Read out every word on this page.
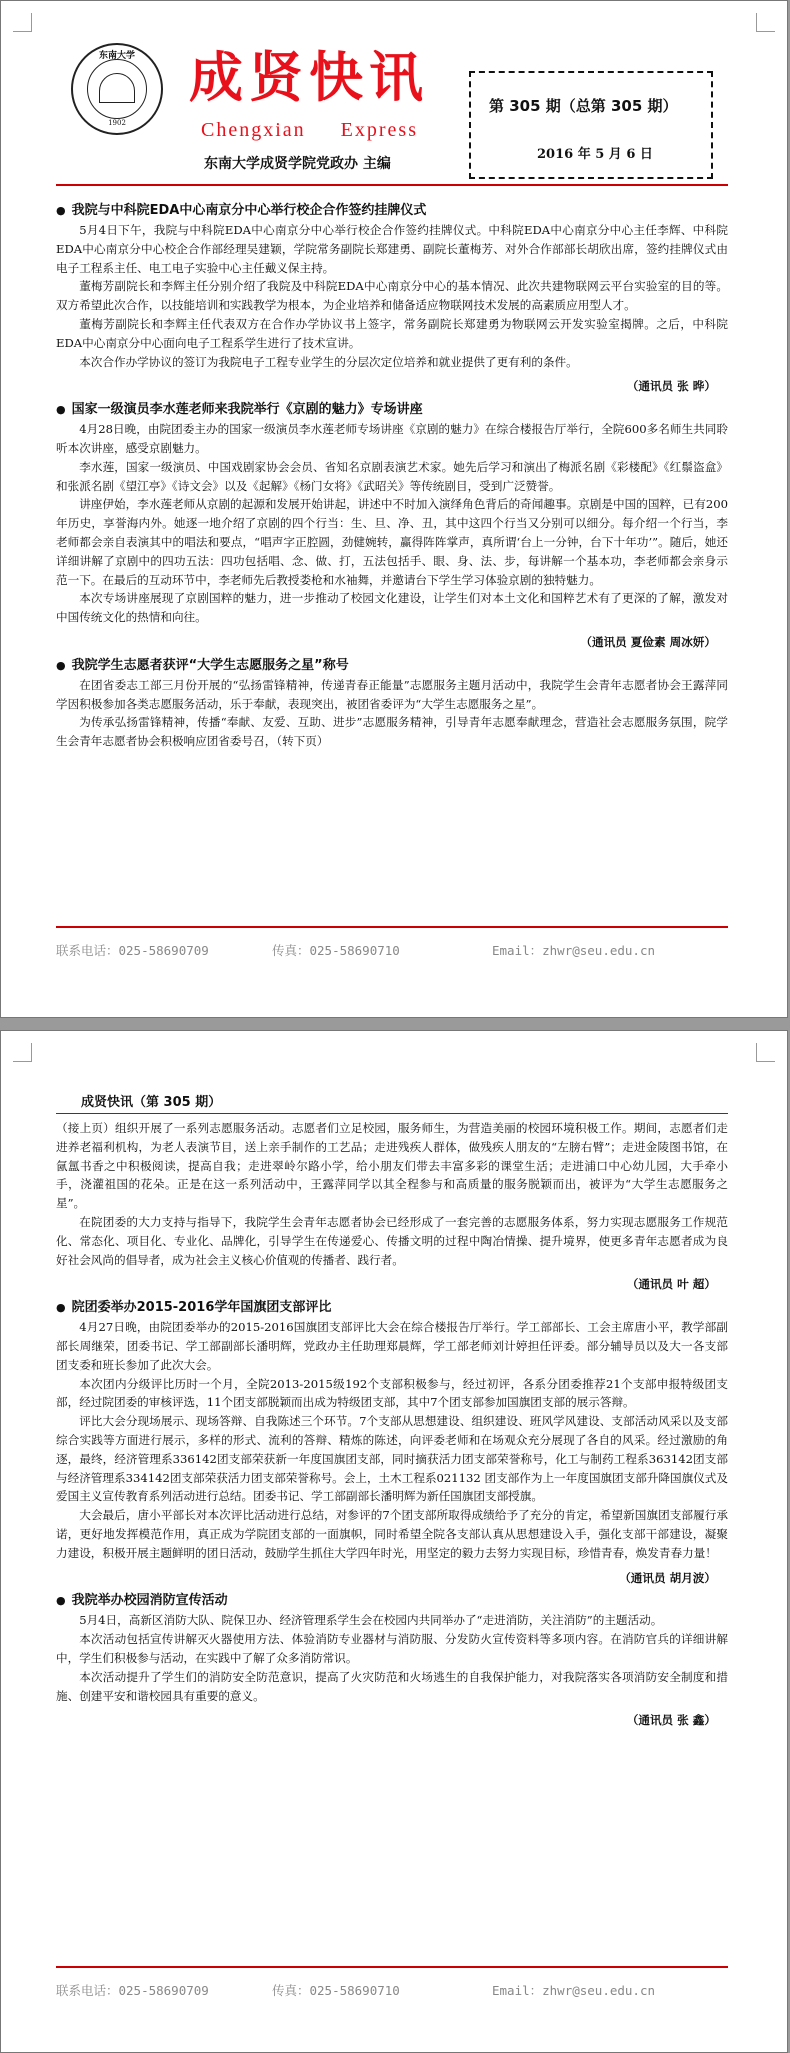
东南大学
1902
成贤快讯
Chengxian Express
东南大学成贤学院党政办 主编
第 305 期（总第 305 期）
2016 年 5 月 6 日
● 我院与中科院EDA中心南京分中心举行校企合作签约挂牌仪式

5月4日下午，我院与中科院EDA中心南京分中心举行校企合作签约挂牌仪式。中科院EDA中心南京分中心主任李辉、中科院EDA中心南京分中心校企合作部经理吴建颖，学院常务副院长郑建勇、副院长董梅芳、对外合作部部长胡欣出席，签约挂牌仪式由电子工程系主任、电工电子实验中心主任戴义保主持。

董梅芳副院长和李辉主任分别介绍了我院及中科院EDA中心南京分中心的基本情况、此次共建物联网云平台实验室的目的等。双方希望此次合作，以技能培训和实践教学为根本，为企业培养和储备适应物联网技术发展的高素质应用型人才。

董梅芳副院长和李辉主任代表双方在合作办学协议书上签字，常务副院长郑建勇为物联网云开发实验室揭牌。之后，中科院EDA中心南京分中心面向电子工程系学生进行了技术宣讲。

本次合作办学协议的签订为我院电子工程专业学生的分层次定位培养和就业提供了更有利的条件。

（通讯员 张 晔）
● 国家一级演员李水莲老师来我院举行《京剧的魅力》专场讲座

4月28日晚，由院团委主办的国家一级演员李水莲老师专场讲座《京剧的魅力》在综合楼报告厅举行，全院600多名师生共同聆听本次讲座，感受京剧魅力。

李水莲，国家一级演员、中国戏剧家协会会员、省知名京剧表演艺术家。她先后学习和演出了梅派名剧《彩楼配》《红鬃盗盒》和张派名剧《望江亭》《诗文会》以及《起解》《杨门女将》《武昭关》等传统剧目，受到广泛赞誉。

讲座伊始，李水莲老师从京剧的起源和发展开始讲起，讲述中不时加入演绎角色背后的奇闻趣事。京剧是中国的国粹，已有200年历史，享誉海内外。她逐一地介绍了京剧的四个行当：生、旦、净、丑，其中这四个行当又分别可以细分。每介绍一个行当，李老师都会亲自表演其中的唱法和要点，“唱声字正腔圆，劲健婉转，赢得阵阵掌声，真所谓‘台上一分钟，台下十年功’”。随后，她还详细讲解了京剧中的四功五法：四功包括唱、念、做、打，五法包括手、眼、身、法、步，每讲解一个基本功，李老师都会亲身示范一下。在最后的互动环节中，李老师先后教授娄枪和水袖舞，并邀请台下学生学习体验京剧的独特魅力。

本次专场讲座展现了京剧国粹的魅力，进一步推动了校园文化建设，让学生们对本土文化和国粹艺术有了更深的了解，激发对中国传统文化的热情和向往。

（通讯员 夏俭素 周冰妍）
● 我院学生志愿者获评“大学生志愿服务之星”称号

在团省委志工部三月份开展的“弘扬雷锋精神，传递青春正能量”志愿服务主题月活动中，我院学生会青年志愿者协会王露萍同学因积极参加各类志愿服务活动，乐于奉献，表现突出，被团省委评为“大学生志愿服务之星”。

为传承弘扬雷锋精神，传播“奉献、友爱、互助、进步”志愿服务精神，引导青年志愿奉献理念，营造社会志愿服务氛围，院学生会青年志愿者协会积极响应团省委号召，（转下页）

联系电话：025-58690709	传真：025-58690710	Email：zhwr@seu.edu.cn
成贤快讯（第 305 期）

（接上页）组织开展了一系列志愿服务活动。志愿者们立足校园，服务师生，为营造美丽的校园环境积极工作。期间，志愿者们走进养老福利机构，为老人表演节目，送上亲手制作的工艺品；走进残疾人群体，做残疾人朋友的“左膀右臂”；走进金陵图书馆，在氤氲书香之中积极阅读，提高自我；走进翠岭尔路小学，给小朋友们带去丰富多彩的课堂生活；走进浦口中心幼儿园，大手牵小手，浇灌祖国的花朵。正是在这一系列活动中，王露萍同学以其全程参与和高质量的服务脱颖而出，被评为“大学生志愿服务之星”。

在院团委的大力支持与指导下，我院学生会青年志愿者协会已经形成了一套完善的志愿服务体系，努力实现志愿服务工作规范化、常态化、项目化、专业化、品牌化，引导学生在传递爱心、传播文明的过程中陶冶情操、提升境界，使更多青年志愿者成为良好社会风尚的倡导者，成为社会主义核心价值观的传播者、践行者。

（通讯员 叶 超）
● 院团委举办2015-2016学年国旗团支部评比

4月27日晚，由院团委举办的2015-2016国旗团支部评比大会在综合楼报告厅举行。学工部部长、工会主席唐小平，教学部副部长周继荣，团委书记、学工部副部长潘明辉，党政办主任助理郑晨辉，学工部老师刘计婷担任评委。部分辅导员以及大一各支部团支委和班长参加了此次大会。

本次团内分级评比历时一个月，全院2013-2015级192个支部积极参与，经过初评，各系分团委推荐21个支部申报特级团支部，经过院团委的审核评选，11个团支部脱颖而出成为特级团支部，其中7个团支部参加国旗团支部的展示答辩。

评比大会分现场展示、现场答辩、自我陈述三个环节。7个支部从思想建设、组织建设、班风学风建设、支部活动风采以及支部综合实践等方面进行展示，多样的形式、流利的答辩、精炼的陈述，向评委老师和在场观众充分展现了各自的风采。经过激励的角逐，最终，经济管理系336142团支部荣获新一年度国旗团支部，同时摘获活力团支部荣誉称号，化工与制药工程系363142团支部与经济管理系334142团支部荣获活力团支部荣誉称号。会上，土木工程系021132 团支部作为上一年度国旗团支部升降国旗仪式及爱国主义宣传教育系列活动进行总结。团委书记、学工部副部长潘明辉为新任国旗团支部授旗。

大会最后，唐小平部长对本次评比活动进行总结，对参评的7个团支部所取得成绩给予了充分的肯定，希望新国旗团支部履行承诺，更好地发挥模范作用，真正成为学院团支部的一面旗帜，同时希望全院各支部认真从思想建设入手，强化支部干部建设，凝聚力建设，积极开展主题鲜明的团日活动，鼓励学生抓住大学四年时光，用坚定的毅力去努力实现目标，珍惜青春，焕发青春力量！

（通讯员 胡月波）
● 我院举办校园消防宣传活动

5月4日，高新区消防大队、院保卫办、经济管理系学生会在校园内共同举办了“走进消防，关注消防”的主题活动。

本次活动包括宣传讲解灭火器使用方法、体验消防专业器材与消防服、分发防火宣传资料等多项内容。在消防官兵的详细讲解中，学生们积极参与活动，在实践中了解了众多消防常识。

本次活动提升了学生们的消防安全防范意识，提高了火灾防范和火场逃生的自我保护能力，对我院落实各项消防安全制度和措施、创建平安和谐校园具有重要的意义。

（通讯员 张 鑫）
联系电话：025-58690709	传真：025-58690710	Email：zhwr@seu.edu.cn
